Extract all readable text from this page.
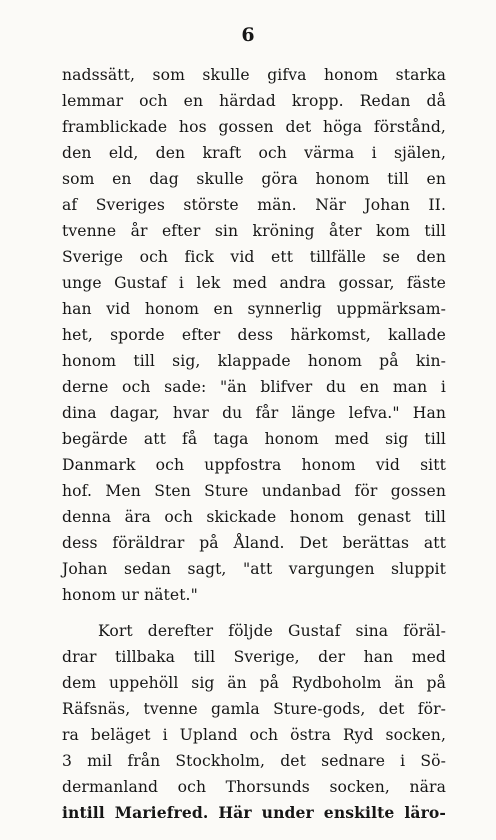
6
nadssätt, som skulle gifva honom starka
lemmar och en härdad kropp. Redan då
framblickade hos gossen det höga förstånd,
den eld, den kraft och värma i själen,
som en dag skulle göra honom till en
af Sveriges störste män. När Johan II.
tvenne år efter sin kröning åter kom till
Sverige och fick vid ett tillfälle se den
unge Gustaf i lek med andra gossar, fäste
han vid honom en synnerlig uppmärksam-
het, sporde efter dess härkomst, kallade
honom till sig, klappade honom på kin-
derne och sade: "än blifver du en man i
dina dagar, hvar du får länge lefva." Han
begärde att få taga honom med sig till
Danmark och uppfostra honom vid sitt
hof. Men Sten Sture undanbad för gossen
denna ära och skickade honom genast till
dess föräldrar på Åland. Det berättas att
Johan sedan sagt, "att vargungen sluppit
honom ur nätet."
Kort derefter följde Gustaf sina föräl-
drar tillbaka till Sverige, der han med
dem uppehöll sig än på Rydboholm än på
Räfsnäs, tvenne gamla Sture-gods, det för-
ra beläget i Upland och östra Ryd socken,
3 mil från Stockholm, det sednare i Sö-
dermanland och Thorsunds socken, nära
intill Mariefred. Här under enskilte läro-
